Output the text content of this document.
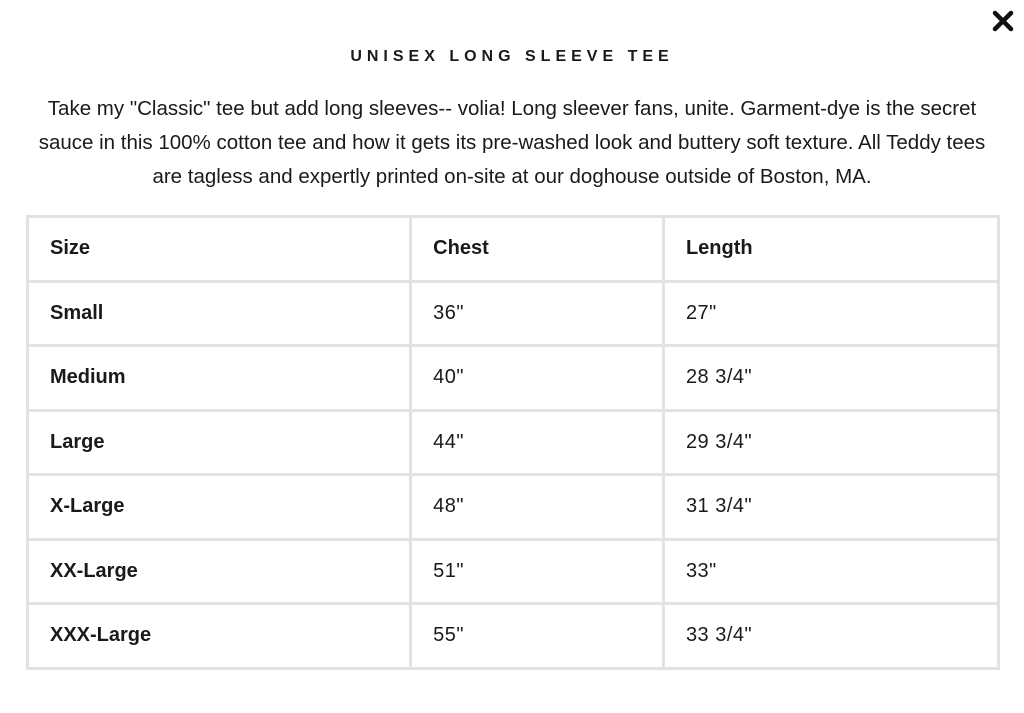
UNISEX LONG SLEEVE TEE

Take my "Classic" tee but add long sleeves-- volia! Long sleever fans, unite. Garment-dye is the secret sauce in this 100% cotton tee and how it gets its pre-washed look and buttery soft texture. All Teddy tees are tagless and expertly printed on-site at our doghouse outside of Boston, MA.

Size	Chest	Length
Small	36"	27"
Medium	40"	28 3/4"
Large	44"	29 3/4"
X-Large	48"	31 3/4"
XX-Large	51"	33"
XXX-Large	55"	33 3/4"
